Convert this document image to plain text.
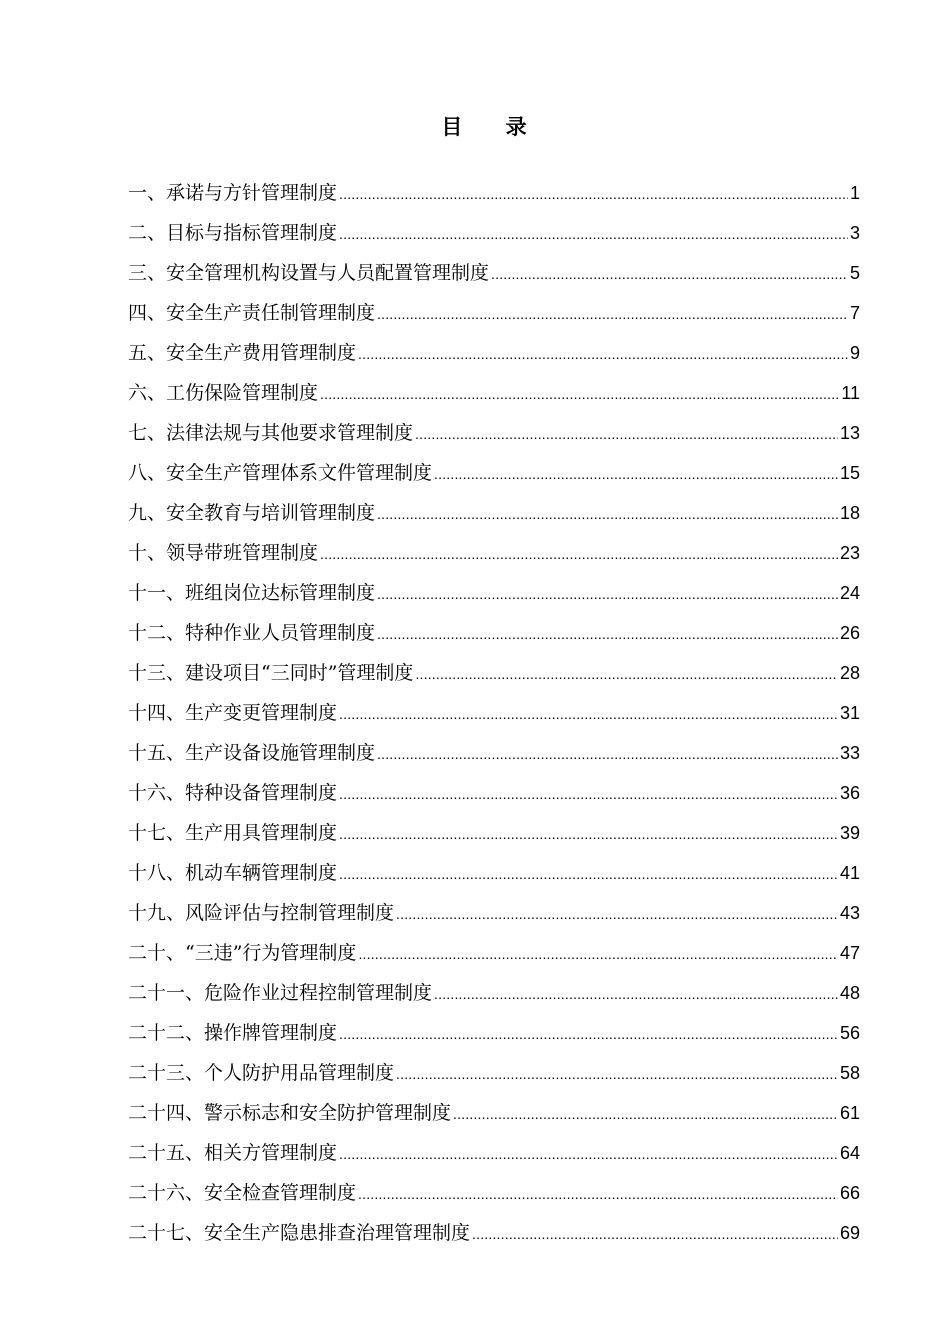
目 录
一、承诺与方针管理制度 .....	1
二、目标与指标管理制度 .....	3
三、安全管理机构设置与人员配置管理制度 .....	5
四、安全生产责任制管理制度 .....	7
五、安全生产费用管理制度 .....	9
六、工伤保险管理制度 .....	11
七、法律法规与其他要求管理制度 .....	13
八、安全生产管理体系文件管理制度 .....	15
九、安全教育与培训管理制度 .....	18
十、领导带班管理制度 .....	23
十一、班组岗位达标管理制度 .....	24
十二、特种作业人员管理制度 .....	26
十三、建设项目“三同时”管理制度 .....	28
十四、生产变更管理制度 .....	31
十五、生产设备设施管理制度 .....	33
十六、特种设备管理制度 .....	36
十七、生产用具管理制度 .....	39
十八、机动车辆管理制度 .....	41
十九、风险评估与控制管理制度 .....	43
二十、“三违”行为管理制度 .....	47
二十一、危险作业过程控制管理制度 .....	48
二十二、操作牌管理制度 .....	56
二十三、个人防护用品管理制度 .....	58
二十四、警示标志和安全防护管理制度 .....	61
二十五、相关方管理制度 .....	64
二十六、安全检查管理制度 .....	66
二十七、安全生产隐患排查治理管理制度 .....	69
